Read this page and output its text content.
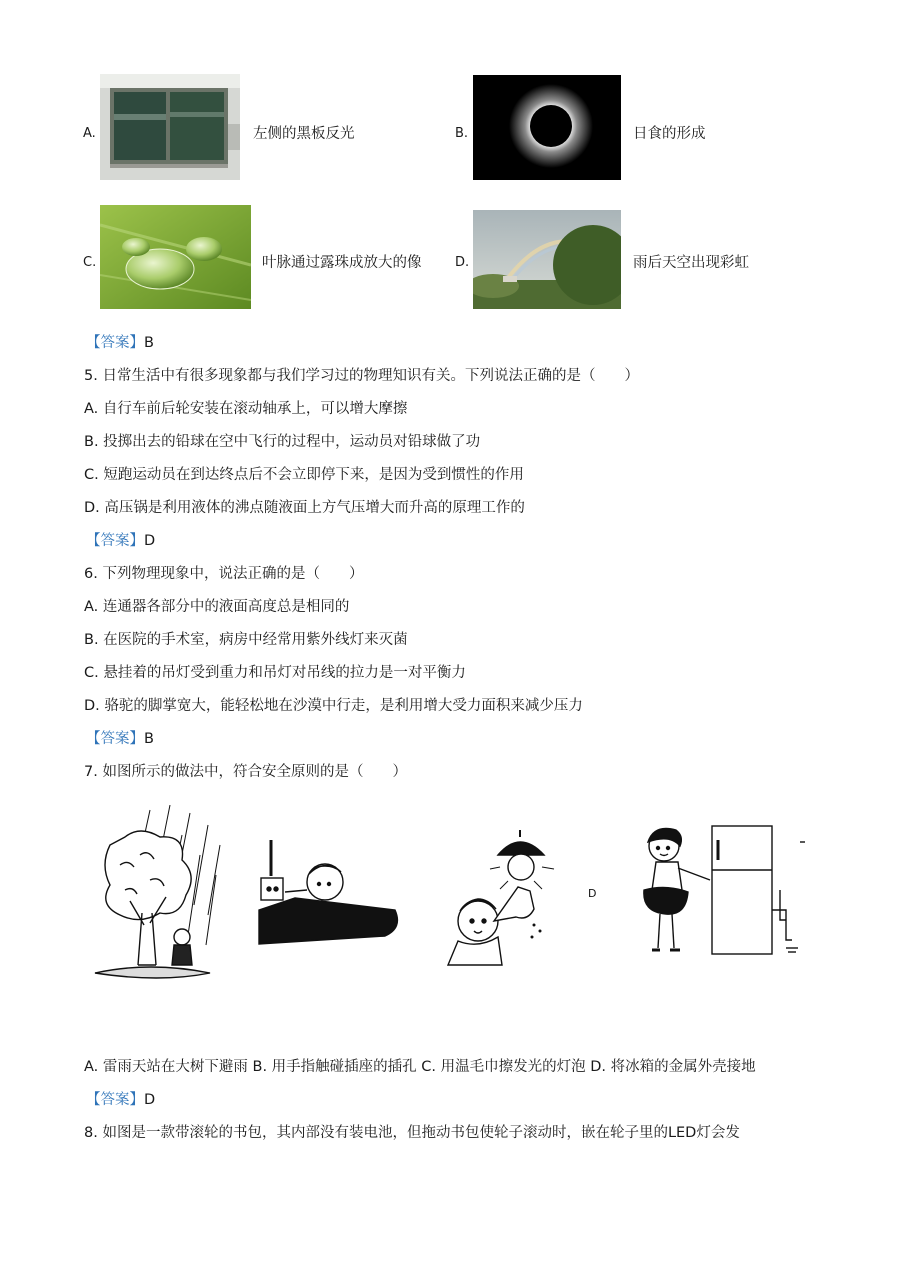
A.	左侧的黑板反光	B.	日食的形成
C.	叶脉通过露珠成放大的像	D.	雨后天空出现彩虹
【答案】B
5. 日常生活中有很多现象都与我们学习过的物理知识有关。下列说法正确的是（　　）
A. 自行车前后轮安装在滚动轴承上，可以增大摩擦
B. 投掷出去的铅球在空中飞行的过程中，运动员对铅球做了功
C. 短跑运动员在到达终点后不会立即停下来，是因为受到惯性的作用
D. 高压锅是利用液体的沸点随液面上方气压增大而升高的原理工作的
【答案】D
6. 下列物理现象中，说法正确的是（　　）
A. 连通器各部分中的液面高度总是相同的
B. 在医院的手术室，病房中经常用紫外线灯来灭菌
C. 悬挂着的吊灯受到重力和吊灯对吊线的拉力是一对平衡力
D. 骆驼的脚掌宽大，能轻松地在沙漠中行走，是利用增大受力面积来减少压力
【答案】B
7. 如图所示的做法中，符合安全原则的是（　　）
D
A. 雷雨天站在大树下避雨 B. 用手指触碰插座的插孔 C. 用温毛巾擦发光的灯泡 D. 将冰箱的金属外壳接地
【答案】D
8. 如图是一款带滚轮的书包，其内部没有装电池，但拖动书包使轮子滚动时，嵌在轮子里的LED灯会发
